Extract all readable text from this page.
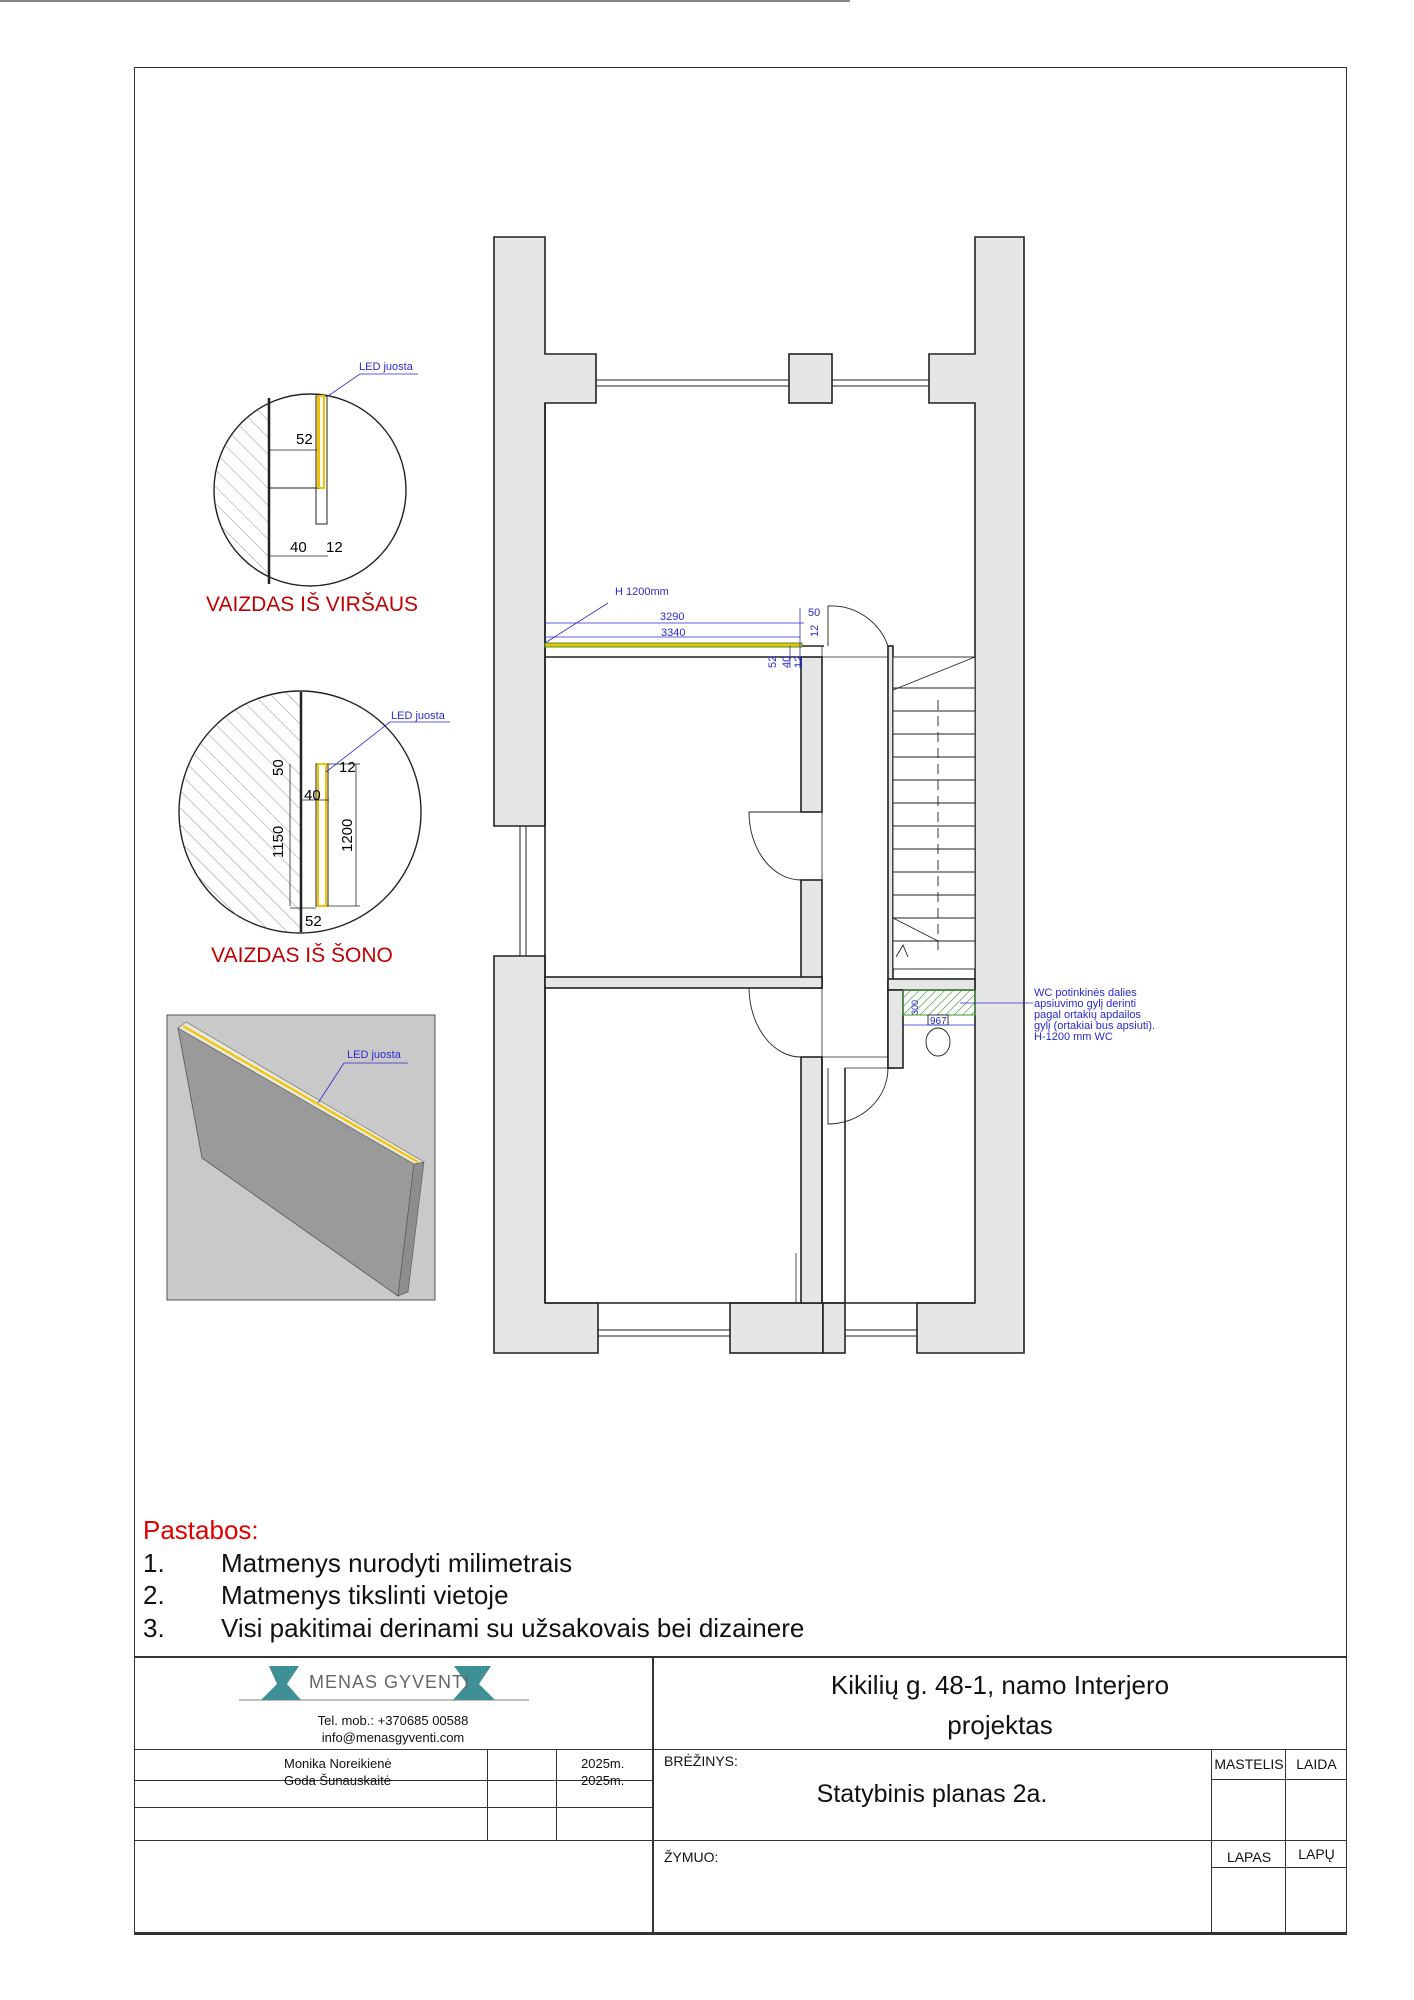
52
40 12
LED juosta
VAIZDAS IŠ VIRŠAUS
50	12
40
1150	1200
52
LED juosta
VAIZDAS IŠ ŠONO
LED juosta
H 1200mm
3290
3340
50
12
52 40 12
967
300
WC potinkinės dalies
apsiuvimo gylį derinti
pagal ortakių apdailos
gylį (ortakiai bus apsiuti).
H-1200 mm WC
Pastabos:
1.	Matmenys nurodyti milimetrais
2.	Matmenys tikslinti vietoje
3.	Visi pakitimai derinami su užsakovais bei dizainere
MENAS GYVENTI
Tel. mob.: +370685 00588
info@menasgyventi.com
Kikilių g. 48-1, namo Interjero
projektas
Monika Noreikienė
Goda Šunauskaitė
2025m.
2025m.
BRĖŽINYS:
Statybinis planas 2a.
MASTELIS LAIDA
ŽYMUO:	LAPAS	LAPŲ
